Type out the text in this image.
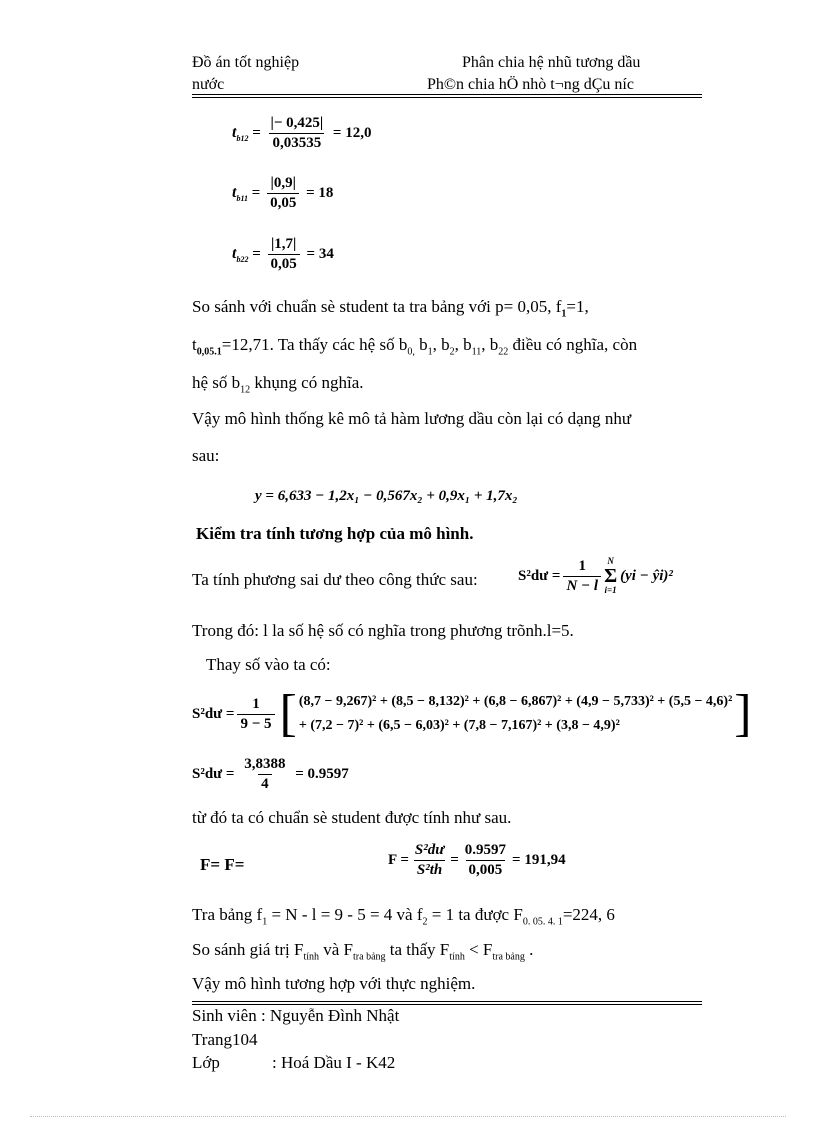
Đồ án tốt nghiệp
nước
Phân chia hệ nhũ tương dầu
Ph©n chia hÖ nhò t¬ng dÇu níc
$t_{b12} = \frac{|- 0,425|}{0,03535} = 12,0$
$t_{b11} = \frac{|0,9|}{0,05} = 18$
$t_{b22} = \frac{|1,7|}{0,05} = 34$
So sánh với chuẩn sè student ta tra bảng với p= 0,05, $f_1=1$,
$t_{0,05.1}=12,71$. Ta thấy các hệ số $b_{0,}$ $b_1$, $b_2$, $b_{11}$, $b_{22}$ điều có nghĩa, còn
hệ số $b_{12}$ khụng có nghĩa.
Vậy mô hình thống kê mô tả hàm lương dầu còn lại có dạng như
sau:
y = 6,633 − 1,2x₁ − 0,567x₂ + 0,9x₁ + 1,7x₂
Kiểm tra tính tương hợp của mô hình.
Ta tính phương sai dư theo công thức sau:	S²dư = $\frac{1}{N - l}$ N
Σ
i=1
(yi − ŷi)²
Trong đó: l la số hệ số có nghĩa trong phương trõnh.l=5.
Thay số vào ta có:
S²dư = $\frac{1}{9 - 5}$ [ (8,7 − 9,267)² + (8,5 − 8,132)² + (6,8 − 6,867)² + (4,9 − 5,733)² + (5,5 − 4,6)²
+ (7,2 − 7)² + (6,5 − 6,03)² + (7,8 − 7,167)² + (3,8 − 4,9)²	]
S²dư = $\frac{3,8388}{4} = 0.9597$
từ đó ta có chuẩn sè student được tính như sau.
F= F=	$F = \frac{\text{S²dư}}{\text{S²th}} = \frac{0.9597}{0,005} = 191,94$
Tra bảng $f_1 = N - l = 9 - 5 = 4$ và $f_2 = 1$ ta được $F_{0. 05. 4. 1}=224$, 6
So sánh giá trị $F_{tính}$ và $F_{tra bảng}$ ta thấy $F_{tính} < F_{tra bảng}$ .
Vậy mô hình tương hợp với thực nghiệm.
Sinh viên : Nguyễn Đình Nhật
Trang104
Lớp	: Hoá Dầu I - K42
